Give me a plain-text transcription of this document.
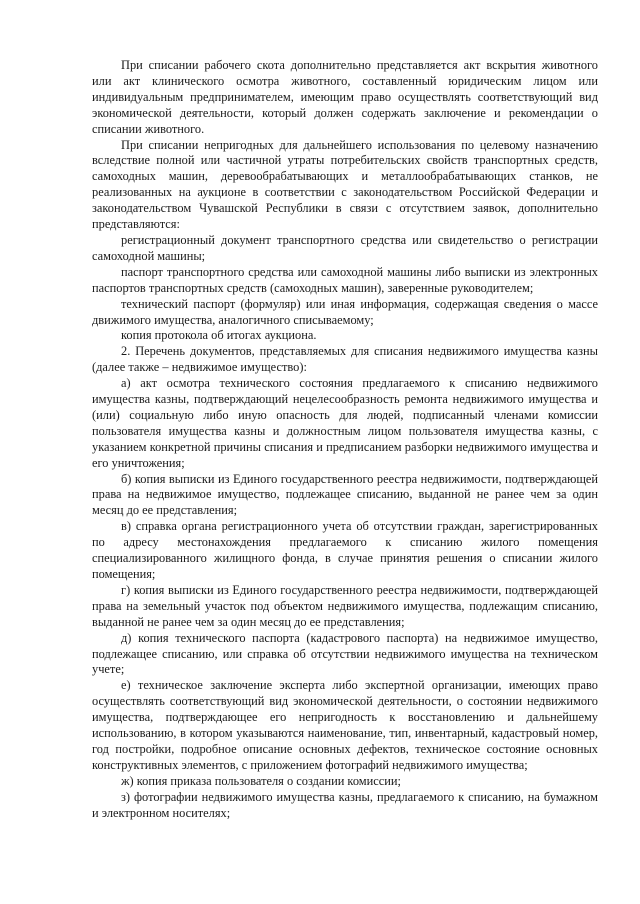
При списании рабочего скота дополнительно представляется акт вскрытия животного или акт клинического осмотра животного, составленный юридическим лицом или индивидуальным предпринимателем, имеющим право осуществлять соответствующий вид экономической деятельности, который должен содержать заключение и рекомендации о списании животного.

При списании непригодных для дальнейшего использования по целевому назначению вследствие полной или частичной утраты потребительских свойств транспортных средств, самоходных машин, деревообрабатывающих и металлообрабатывающих станков, не реализованных на аукционе в соответствии с законодательством Российской Федерации и законодательством Чувашской Республики в связи с отсутствием заявок, дополнительно представляются:

регистрационный документ транспортного средства или свидетельство о регистрации самоходной машины;

паспорт транспортного средства или самоходной машины либо выписки из электронных паспортов транспортных средств (самоходных машин), заверенные руководителем;

технический паспорт (формуляр) или иная информация, содержащая сведения о массе движимого имущества, аналогичного списываемому;

копия протокола об итогах аукциона.

2. Перечень документов, представляемых для списания недвижимого имущества казны (далее также – недвижимое имущество):

а) акт осмотра технического состояния предлагаемого к списанию недвижимого имущества казны, подтверждающий нецелесообразность ремонта недвижимого имущества и (или) социальную либо иную опасность для людей, подписанный членами комиссии пользователя имущества казны и должностным лицом пользователя имущества казны, с указанием конкретной причины списания и предписанием разборки недвижимого имущества и его уничтожения;

б) копия выписки из Единого государственного реестра недвижимости, подтверждающей права на недвижимое имущество, подлежащее списанию, выданной не ранее чем за один месяц до ее представления;

в) справка органа регистрационного учета об отсутствии граждан, зарегистрированных по адресу местонахождения предлагаемого к списанию жилого помещения специализированного жилищного фонда, в случае принятия решения о списании жилого помещения;

г) копия выписки из Единого государственного реестра недвижимости, подтверждающей права на земельный участок под объектом недвижимого имущества, подлежащим списанию, выданной не ранее чем за один месяц до ее представления;

д) копия технического паспорта (кадастрового паспорта) на недвижимое имущество, подлежащее списанию, или справка об отсутствии недвижимого имущества на техническом учете;

е) техническое заключение эксперта либо экспертной организации, имеющих право осуществлять соответствующий вид экономической деятельности, о состоянии недвижимого имущества, подтверждающее его непригодность к восстановлению и дальнейшему использованию, в котором указываются наименование, тип, инвентарный, кадастровый номер, год постройки, подробное описание основных дефектов, техническое состояние основных конструктивных элементов, с приложением фотографий недвижимого имущества;

ж) копия приказа пользователя о создании комиссии;

з) фотографии недвижимого имущества казны, предлагаемого к списанию, на бумажном и электронном носителях;
